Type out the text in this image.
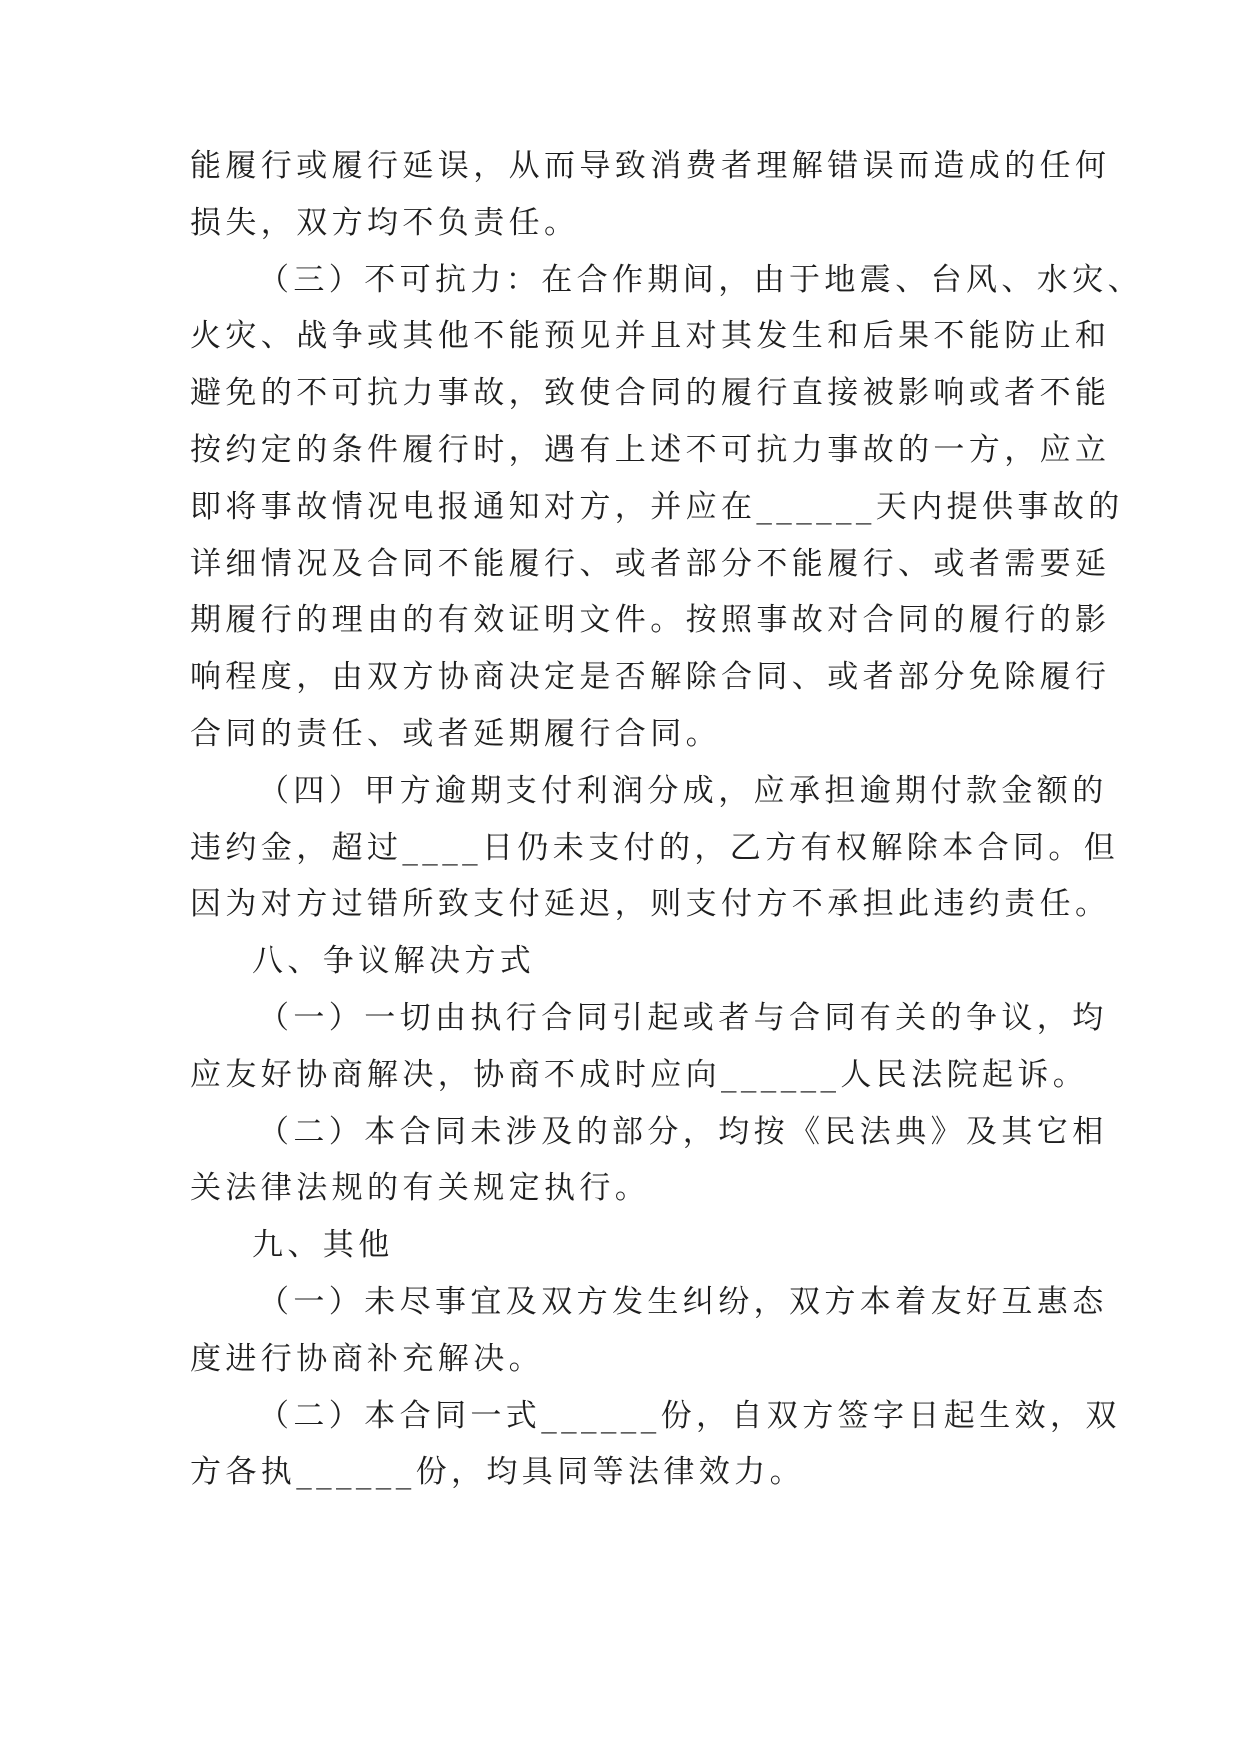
能履行或履行延误，从而导致消费者理解错误而造成的任何
损失，双方均不负责任。
（三）不可抗力：在合作期间，由于地震、台风、水灾、
火灾、战争或其他不能预见并且对其发生和后果不能防止和
避免的不可抗力事故，致使合同的履行直接被影响或者不能
按约定的条件履行时，遇有上述不可抗力事故的一方，应立
即将事故情况电报通知对方，并应在______天内提供事故的
详细情况及合同不能履行、或者部分不能履行、或者需要延
期履行的理由的有效证明文件。按照事故对合同的履行的影
响程度，由双方协商决定是否解除合同、或者部分免除履行
合同的责任、或者延期履行合同。
（四）甲方逾期支付利润分成，应承担逾期付款金额的
违约金，超过____日仍未支付的，乙方有权解除本合同。但
因为对方过错所致支付延迟，则支付方不承担此违约责任。
八、争议解决方式
（一）一切由执行合同引起或者与合同有关的争议，均
应友好协商解决，协商不成时应向______人民法院起诉。
（二）本合同未涉及的部分，均按《民法典》及其它相
关法律法规的有关规定执行。
九、其他
（一）未尽事宜及双方发生纠纷，双方本着友好互惠态
度进行协商补充解决。
（二）本合同一式______份，自双方签字日起生效，双
方各执______份，均具同等法律效力。
